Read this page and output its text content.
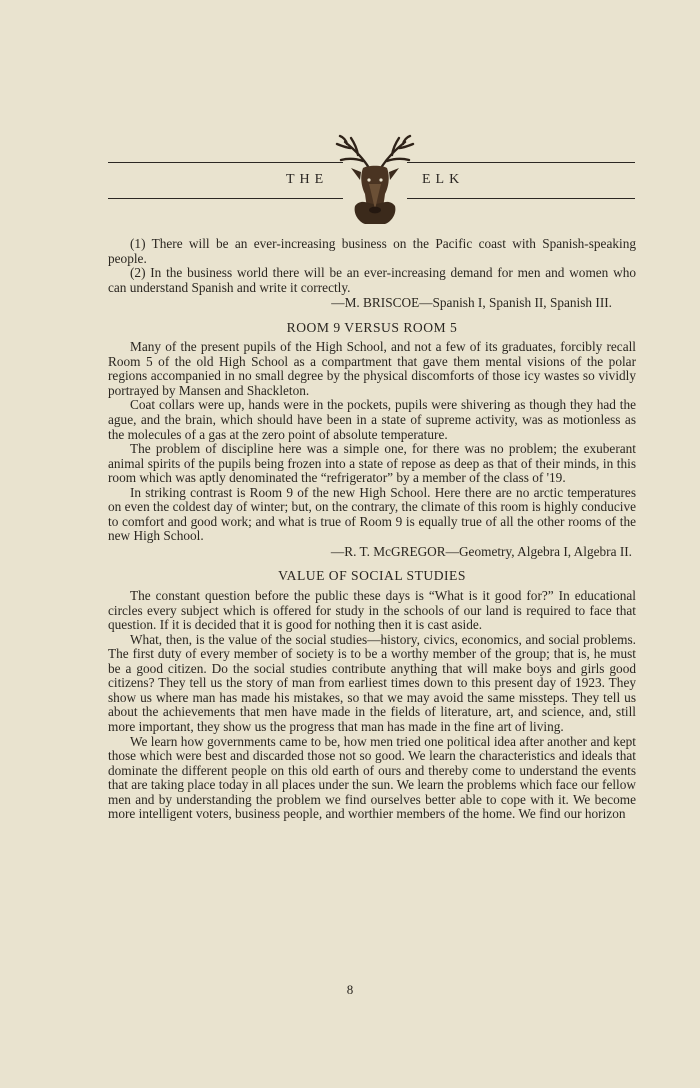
THE	ELK

(1) There will be an ever-increasing business on the Pacific coast with Spanish-speaking people.

(2) In the business world there will be an ever-increasing demand for men and women who can understand Spanish and write it correctly.

—M. BRISCOE—Spanish I, Spanish II, Spanish III.

ROOM 9 VERSUS ROOM 5

Many of the present pupils of the High School, and not a few of its graduates, forcibly recall Room 5 of the old High School as a compartment that gave them mental visions of the polar regions accompanied in no small degree by the physical discomforts of those icy wastes so vividly portrayed by Mansen and Shackleton.

Coat collars were up, hands were in the pockets, pupils were shivering as though they had the ague, and the brain, which should have been in a state of supreme activity, was as motionless as the molecules of a gas at the zero point of absolute temperature.

The problem of discipline here was a simple one, for there was no problem; the exuberant animal spirits of the pupils being frozen into a state of repose as deep as that of their minds, in this room which was aptly denominated the “refrigerator” by a member of the class of '19.

In striking contrast is Room 9 of the new High School. Here there are no arctic temperatures on even the coldest day of winter; but, on the contrary, the climate of this room is highly conducive to comfort and good work; and what is true of Room 9 is equally true of all the other rooms of the new High School.

—R. T. McGREGOR—Geometry, Algebra I, Algebra II.

VALUE OF SOCIAL STUDIES

The constant question before the public these days is “What is it good for?” In educational circles every subject which is offered for study in the schools of our land is required to face that question. If it is decided that it is good for nothing then it is cast aside.

What, then, is the value of the social studies—history, civics, economics, and social problems. The first duty of every member of society is to be a worthy member of the group; that is, he must be a good citizen. Do the social studies contribute anything that will make boys and girls good citizens? They tell us the story of man from earliest times down to this present day of 1923. They show us where man has made his mistakes, so that we may avoid the same missteps. They tell us about the achievements that men have made in the fields of literature, art, and science, and, still more important, they show us the progress that man has made in the fine art of living.

We learn how governments came to be, how men tried one political idea after another and kept those which were best and discarded those not so good. We learn the characteristics and ideals that dominate the different people on this old earth of ours and thereby come to understand the events that are taking place today in all places under the sun. We learn the problems which face our fellow men and by understanding the problem we find ourselves better able to cope with it. We become more intelligent voters, business people, and worthier members of the home. We find our horizon

8
